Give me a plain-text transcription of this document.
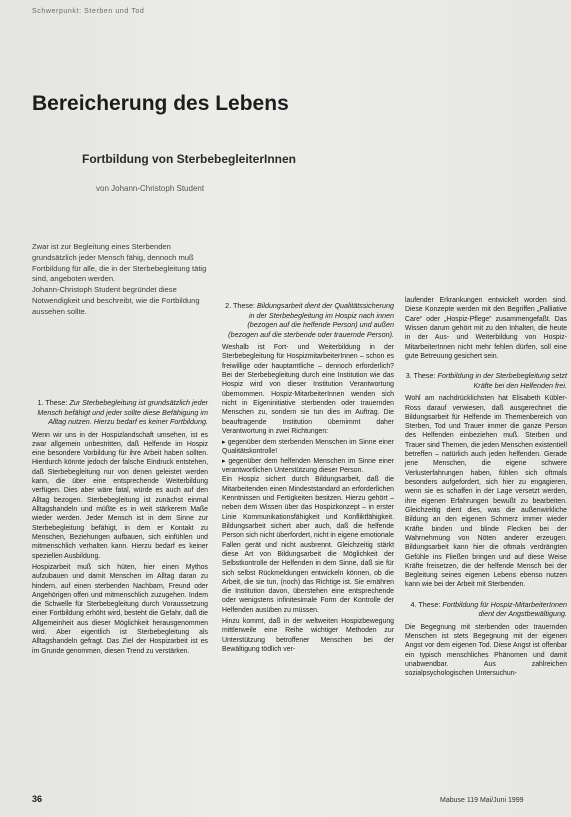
Schwerpunkt: Sterben und Tod
Bereicherung des Lebens
Fortbildung von SterbebegleiterInnen
von Johann-Christoph Student

Zwar ist zur Begleitung eines Sterbenden grundsätzlich jeder Mensch fähig, dennoch muß Fortbildung für alle, die in der Sterbebegleitung tätig sind, angeboten werden.

Johann-Christoph Student begründet diese Notwendigkeit und beschreibt, wie die Fortbildung aussehen sollte.

1. These: Zur Sterbebegleitung ist grundsätzlich jeder Mensch befähigt und jeder sollte diese Befähigung im Alltag nutzen. Hierzu bedarf es keiner Fortbildung.

Wenn wir uns in der Hospizlandschaft umsehen, ist es zwar allgemein unbestritten, daß Helfende im Hospiz eine besondere Vorbildung für ihre Arbeit haben sollten. Hierdurch könnte jedoch der falsche Eindruck entstehen, daß Sterbebegleitung nur von denen geleistet werden kann, die über eine entsprechende Weiterbildung verfügen. Dies aber wäre fatal, würde es auch auf den Alltag bezogen. Sterbebegleitung ist zunächst einmal Alltagshandeln und müßte es in weit stärkerem Maße wieder werden. Jeder Mensch ist in dem Sinne zur Sterbebegleitung befähigt, in dem er Kontakt zu Menschen, Beziehungen aufbauen, sich einfühlen und mitmenschlich verhalten kann. Hierzu bedarf es keiner speziellen Ausbildung.

Hospizarbeit muß sich hüten, hier einen Mythos aufzubauen und damit Menschen im Alltag daran zu hindern, auf einen sterbenden Nachbarn, Freund oder Angehörigen offen und mitmenschlich zuzugehen. Indem die Schwelle für Sterbebegleitung durch Voraussetzung einer Fortbildung erhöht wird, besteht die Gefahr, daß die Allgemeinheit aus dieser Möglichkeit herausgenommen wird. Aber eigentlich ist Sterbebegleitung als Alltagshandeln gefragt. Das Ziel der Hospizarbeit ist es im Grunde genommen, diesen Trend zu verstärken.

2. These: Bildungsarbeit dient der Qualitätssicherung in der Sterbebegleitung im Hospiz nach innen (bezogen auf die helfende Person) und außen (bezogen auf die sterbende oder trauernde Person).

Weshalb ist Fort- und Weiterbildung in der Sterbebegleitung für HospizmitarbeiterInnen – schon es freiwillige oder hauptamtliche – dennoch erforderlich? Bei der Sterbebegleitung durch eine Institution wie das Hospiz wird von dieser Institution Verantwortung übernommen. Hospiz-MitarbeiterInnen wenden sich nicht in Eigeninitiative sterbenden oder trauernden Menschen zu, sondern sie tun dies im Auftrag. Die beauftragende Institution übernimmt daher Verantwortung in zwei Richtungen:

▸ gegenüber dem sterbenden Menschen im Sinne einer Qualitätskontrolle!
▸ gegenüber dem helfenden Menschen im Sinne einer verantwortlichen Unterstützung dieser Person.

Ein Hospiz sichert durch Bildungsarbeit, daß die Mitarbeitenden einen Mindeststandard an erforderlichen Kenntnissen und Fertigkeiten besitzen. Hierzu gehört – neben dem Wissen über das Hospizkonzept – in erster Linie Kommunikationsfähigkeit und Konfliktfähigkeit. Bildungsarbeit sichert aber auch, daß die helfende Person sich nicht überfordert, nicht in eigene emotionale Fallen gerät und nicht ausbrennt. Gleichzeitig stärkt diese Art von Bildungsarbeit die Möglichkeit der Selbstkontrolle der Helfenden in dem Sinne, daß sie für sich selbst Rückmeldungen entwickeln können, ob die Arbeit, die sie tun, (noch) das Richtige ist. Sie ernähren die Institution davon, überstehen eine entsprechende oder wenigstens infinitesimale Form der Kontrolle der Helfenden ausüben zu müssen.

Hinzu kommt, daß in der weltweiten Hospizbewegung mittlerweile eine Reihe wichtiger Methoden zur Unterstützung betroffener Menschen bei der Bewältigung tödlich ver-

laufender Erkrankungen entwickelt worden sind. Diese Konzepte werden mit den Begriffen „Palliative Care“ oder „Hospiz-Pflege“ zusammengefaßt. Das Wissen darum gehört mit zu den Inhalten, die heute in der Aus- und Weiterbildung von Hospiz-MitarbeiterInnen nicht mehr fehlen dürfen, soll eine gute Betreuung gesichert sein.

3. These: Fortbildung in der Sterbebegleitung setzt Kräfte bei den Helfenden frei.

Wohl am nachdrücklichsten hat Elisabeth Kübler-Ross darauf verwiesen, daß ausgerechnet die Bildungsarbeit für Helfende im Themenbereich von Sterben, Tod und Trauer immer die ganze Person des Helfenden einbeziehen muß. Sterben und Trauer sind Themen, die jeden Menschen existentiell betreffen – natürlich auch jeden helfenden. Gerade jene Menschen, die eigene schwere Verlusterfahrungen haben, fühlen sich oftmals besonders aufgefordert, sich hier zu engagieren, wenn sie es schaffen in der Lage versetzt werden, ihre eigenen Erfahrungen bewußt zu bearbeiten. Gleichzeitig dient dies, was die außenwirkliche Bildung an den eigenen Schmerz immer wieder Kräfte binden und blinde Flecken bei der Wahrnehmung von Nöten anderer erzeugen. Bildungsarbeit kann hier die oftmals verdrängten Gefühle ins Fließen bringen und auf diese Weise Kräfte freisetzen, die der helfende Mensch bei der Begleitung seines eigenen Lebens ebenso nutzen kann wie bei der Arbeit mit Sterbenden.

4. These: Fortbildung für Hospiz-MitarbeiterInnen dient der Angstbewältigung.

Die Begegnung mit sterbenden oder trauernden Menschen ist stets Begegnung mit der eigenen Angst vor dem eigenen Tod. Diese Angst ist offenbar ein typisch menschliches Phänomen und damit unabwendbar. Aus zahlreichen sozialpsychologischen Untersuchun-

36	Mabuse 119 Mai/Juni 1999
